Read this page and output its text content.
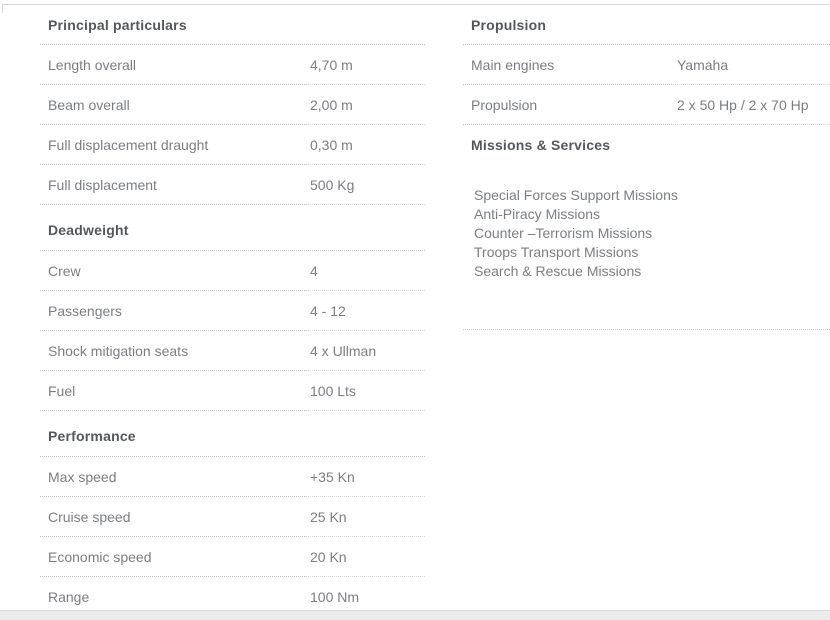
Principal particulars
Length overall	4,70 m
Beam overall	2,00 m
Full displacement draught	0,30 m
Full displacement	500 Kg
Deadweight
Crew	4
Passengers	4 - 12
Shock mitigation seats	4 x Ullman
Fuel	100 Lts
Performance
Max speed	+35 Kn
Cruise speed	25 Kn
Economic speed	20 Kn
Range	100 Nm
Propulsion
Main engines	Yamaha
Propulsion	2 x 50 Hp / 2 x 70 Hp
Missions & Services
Special Forces Support Missions
Anti-Piracy Missions
Counter –Terrorism Missions
Troops Transport Missions
Search & Rescue Missions
